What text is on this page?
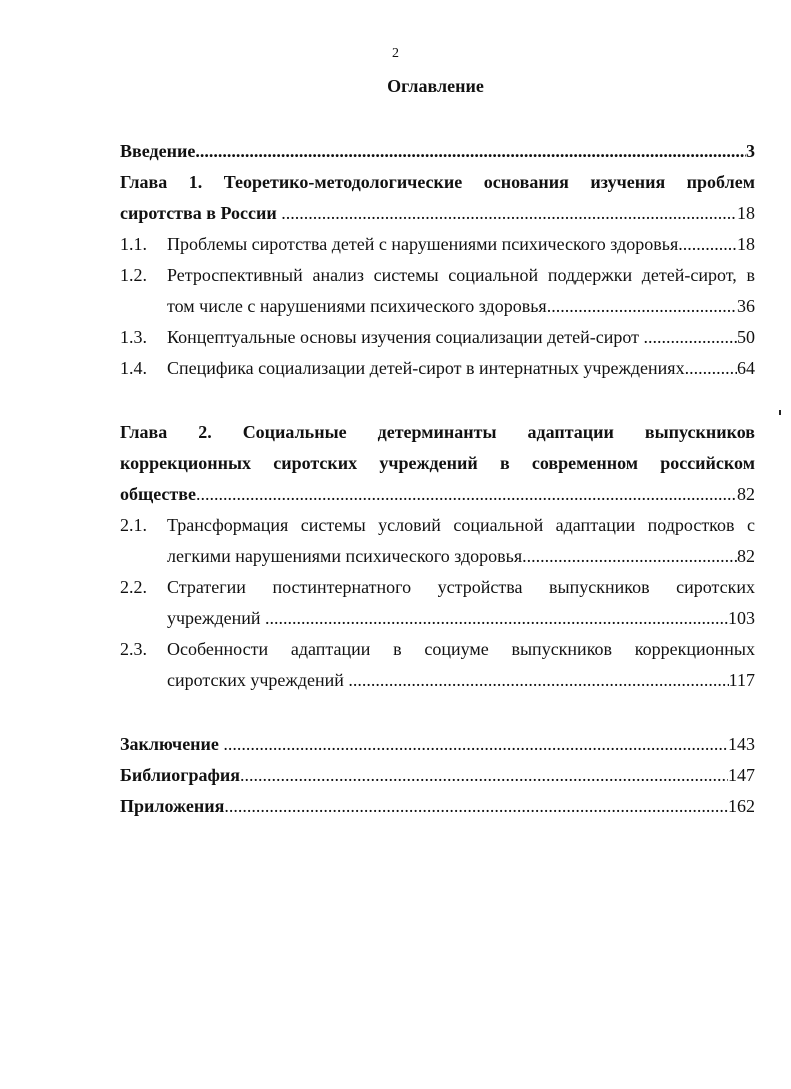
2
Оглавление
Введение .....	3
Глава 1. Теоретико-методологические основания изучения проблем
сиротства в России .....	18
1.1. Проблемы сиротства детей с нарушениями психического здоровья .....	18
1.2. Ретроспективный анализ системы социальной поддержки детей-сирот, в
том числе с нарушениями психического здоровья .....	36
1.3. Концептуальные основы изучения социализации детей-сирот ... .....	50
1.4. Специфика социализации детей-сирот в интернатных учреждениях .....	64
Глава 2. Социальные детерминанты адаптации выпускников
коррекционных сиротских учреждений в современном российском
обществе .....	82
2.1. Трансформация системы условий социальной адаптации подростков с
легкими нарушениями психического здоровья .....	82
2.2. Стратегии постинтернатного устройства выпускников сиротских
учреждений .....	103
2.3. Особенности адаптации в социуме выпускников коррекционных
сиротских учреждений .....	117
Заключение .....	143
Библиография .....	147
Приложения .....	162
